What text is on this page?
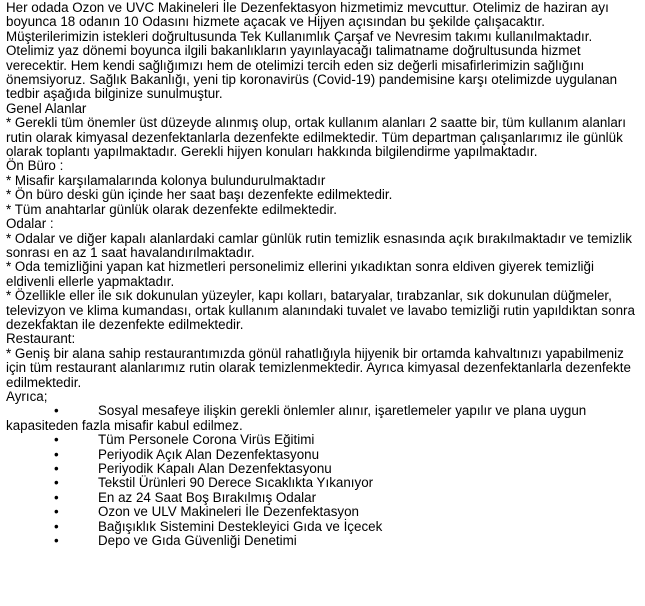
Her odada Ozon ve UVC Makineleri İle Dezenfektasyon hizmetimiz mevcuttur. Otelimiz de haziran ayı boyunca 18 odanın 10 Odasını hizmete açacak ve Hijyen açısından bu şekilde çalışacaktır. Müşterilerimizin istekleri doğrultusunda Tek Kullanımlık Çarşaf ve Nevresim takımı kullanılmaktadır. Otelimiz yaz dönemi boyunca ilgili bakanlıkların yayınlayacağı talimatname doğrultusunda hizmet verecektir. Hem kendi sağlığımızı hem de otelimizi tercih eden siz değerli misafirlerimizin sağlığını önemsiyoruz. Sağlık Bakanlığı, yeni tip koronavirüs (Covid-19) pandemisine karşı otelimizde uygulanan tedbir aşağıda bilginize sunulmuştur.

Genel Alanlar

* Gerekli tüm önemler üst düzeyde alınmış olup, ortak kullanım alanları 2 saatte bir, tüm kullanım alanları rutin olarak kimyasal dezenfektanlarla dezenfekte edilmektedir. Tüm departman çalışanlarımız ile günlük olarak toplantı yapılmaktadır. Gerekli hijyen konuları hakkında bilgilendirme yapılmaktadır.

Ön Büro :

* Misafir karşılamalarında kolonya bulundurulmaktadır

* Ön büro deski gün içinde her saat başı dezenfekte edilmektedir.

* Tüm anahtarlar günlük olarak dezenfekte edilmektedir.

Odalar :

* Odalar ve diğer kapalı alanlardaki camlar günlük rutin temizlik esnasında açık bırakılmaktadır ve temizlik sonrası en az 1 saat havalandırılmaktadır.

* Oda temizliğini yapan kat hizmetleri personelimiz ellerini yıkadıktan sonra eldiven giyerek temizliği eldivenli ellerle yapmaktadır.

* Özellikle eller ile sık dokunulan yüzeyler, kapı kolları, bataryalar, tırabzanlar, sık dokunulan düğmeler, televizyon ve klima kumandası, ortak kullanım alanındaki tuvalet ve lavabo temizliği rutin yapıldıktan sonra dezekfaktan ile dezenfekte edilmektedir.

Restaurant:

* Geniş bir alana sahip restaurantımızda gönül rahatlığıyla hijyenik bir ortamda kahvaltınızı yapabilmeniz için tüm restaurant alanlarımız rutin olarak temizlenmektedir. Ayrıca kimyasal dezenfektanlarla dezenfekte edilmektedir.

Ayrıca;

•	Sosyal mesafeye ilişkin gerekli önlemler alınır, işaretlemeler yapılır ve plana uygun

kapasiteden fazla misafir kabul edilmez.

•	Tüm Personele Corona Virüs Eğitimi
•	Periyodik Açık Alan Dezenfektasyonu
•	Periyodik Kapalı Alan Dezenfektasyonu
•	Tekstil Ürünleri 90 Derece Sıcaklıkta Yıkanıyor
•	En az 24 Saat Boş Bırakılmış Odalar
•	Ozon ve ULV Makineleri İle Dezenfektasyon
•	Bağışıklık Sistemini Destekleyici Gıda ve İçecek
•	Depo ve Gıda Güvenliği Denetimi
